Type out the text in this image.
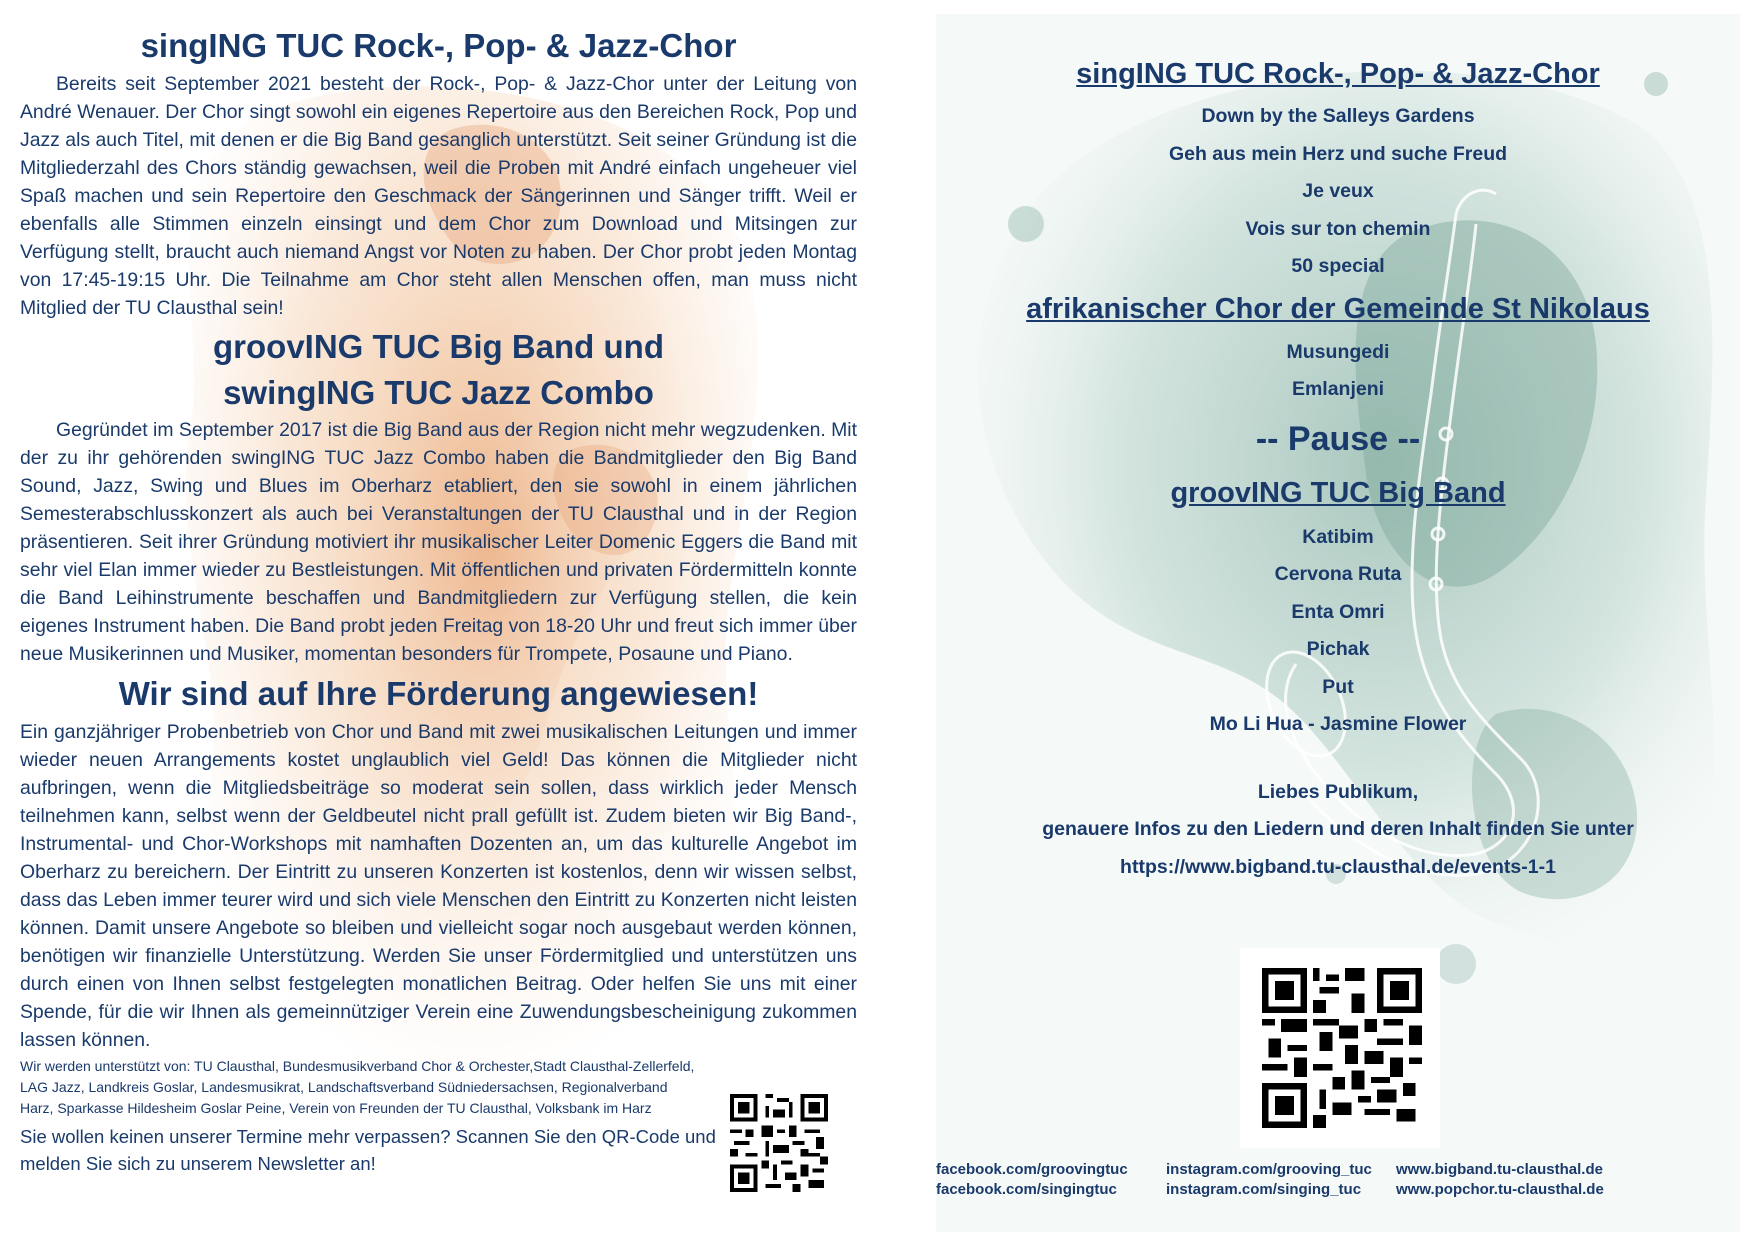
singING TUC Rock-, Pop- & Jazz-Chor

Bereits seit September 2021 besteht der Rock-, Pop- & Jazz-Chor unter der Leitung von André Wenauer. Der Chor singt sowohl ein eigenes Repertoire aus den Bereichen Rock, Pop und Jazz als auch Titel, mit denen er die Big Band gesanglich unterstützt. Seit seiner Gründung ist die Mitgliederzahl des Chors ständig gewachsen, weil die Proben mit André einfach ungeheuer viel Spaß machen und sein Repertoire den Geschmack der Sängerinnen und Sänger trifft. Weil er ebenfalls alle Stimmen einzeln einsingt und dem Chor zum Download und Mitsingen zur Verfügung stellt, braucht auch niemand Angst vor Noten zu haben. Der Chor probt jeden Montag von 17:45-19:15 Uhr. Die Teilnahme am Chor steht allen Menschen offen, man muss nicht Mitglied der TU Clausthal sein!

groovING TUC Big Band und
swingING TUC Jazz Combo

Gegründet im September 2017 ist die Big Band aus der Region nicht mehr wegzudenken. Mit der zu ihr gehörenden swingING TUC Jazz Combo haben die Bandmitglieder den Big Band Sound, Jazz, Swing und Blues im Oberharz etabliert, den sie sowohl in einem jährlichen Semesterabschlusskonzert als auch bei Veranstaltungen der TU Clausthal und in der Region präsentieren. Seit ihrer Gründung motiviert ihr musikalischer Leiter Domenic Eggers die Band mit sehr viel Elan immer wieder zu Bestleistungen. Mit öffentlichen und privaten Fördermitteln konnte die Band Leihinstrumente beschaffen und Bandmitgliedern zur Verfügung stellen, die kein eigenes Instrument haben. Die Band probt jeden Freitag von 18-20 Uhr und freut sich immer über neue Musikerinnen und Musiker, momentan besonders für Trompete, Posaune und Piano.

Wir sind auf Ihre Förderung angewiesen!

Ein ganzjähriger Probenbetrieb von Chor und Band mit zwei musikalischen Leitungen und immer wieder neuen Arrangements kostet unglaublich viel Geld! Das können die Mitglieder nicht aufbringen, wenn die Mitgliedsbeiträge so moderat sein sollen, dass wirklich jeder Mensch teilnehmen kann, selbst wenn der Geldbeutel nicht prall gefüllt ist. Zudem bieten wir Big Band-, Instrumental- und Chor-Workshops mit namhaften Dozenten an, um das kulturelle Angebot im Oberharz zu bereichern. Der Eintritt zu unseren Konzerten ist kostenlos, denn wir wissen selbst, dass das Leben immer teurer wird und sich viele Menschen den Eintritt zu Konzerten nicht leisten können. Damit unsere Angebote so bleiben und vielleicht sogar noch ausgebaut werden können, benötigen wir finanzielle Unterstützung. Werden Sie unser Fördermitglied und unterstützen uns durch einen von Ihnen selbst festgelegten monatlichen Beitrag. Oder helfen Sie uns mit einer Spende, für die wir Ihnen als gemeinnütziger Verein eine Zuwendungsbescheinigung zukommen lassen können.

Wir werden unterstützt von: TU Clausthal, Bundesmusikverband Chor & Orchester,Stadt Clausthal-Zellerfeld, LAG Jazz, Landkreis Goslar, Landesmusikrat, Landschaftsverband Südniedersachsen, Regionalverband Harz, Sparkasse Hildesheim Goslar Peine, Verein von Freunden der TU Clausthal, Volksbank im Harz

Sie wollen keinen unserer Termine mehr verpassen? Scannen Sie den QR-Code und melden Sie sich zu unserem Newsletter an!

singING TUC Rock-, Pop- & Jazz-Chor

Down by the Salleys Gardens

Geh aus mein Herz und suche Freud

Je veux

Vois sur ton chemin

50 special

afrikanischer Chor der Gemeinde St Nikolaus

Musungedi

Emlanjeni

-- Pause --

groovING TUC Big Band

Katibim

Cervona Ruta

Enta Omri

Pichak

Put

Mo Li Hua - Jasmine Flower

Liebes Publikum,

genauere Infos zu den Liedern und deren Inhalt finden Sie unter

https://www.bigband.tu-clausthal.de/events-1-1

facebook.com/groovingtuc
facebook.com/singingtuc
instagram.com/grooving_tuc
instagram.com/singing_tuc
www.bigband.tu-clausthal.de
www.popchor.tu-clausthal.de
